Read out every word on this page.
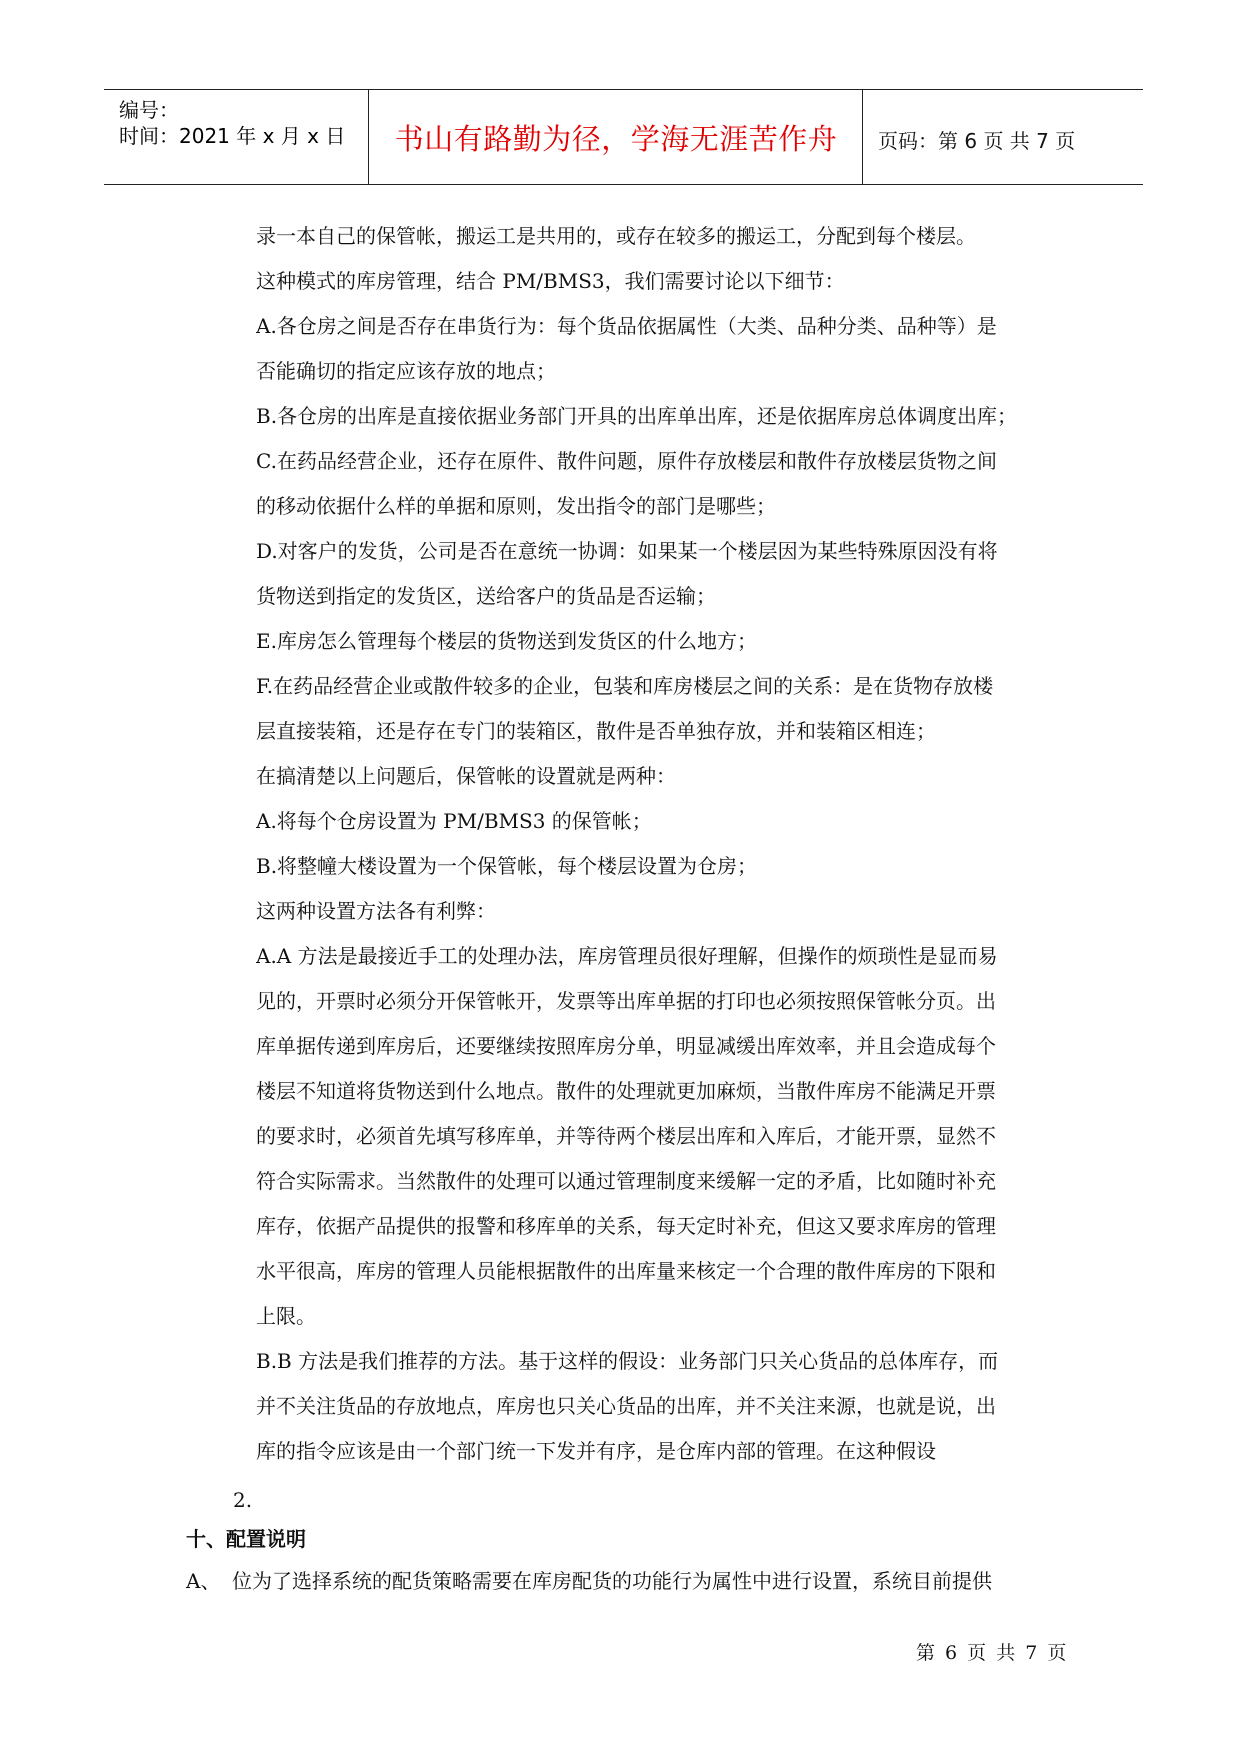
编号：
时间：2021 年 x 月 x 日	书山有路勤为径，学海无涯苦作舟	页码：第 6 页 共 7 页
录一本自己的保管帐，搬运工是共用的，或存在较多的搬运工，分配到每个楼层。
这种模式的库房管理，结合 PM/BMS3，我们需要讨论以下细节：
A.各仓房之间是否存在串货行为：每个货品依据属性（大类、品种分类、品种等）是
否能确切的指定应该存放的地点；
B.各仓房的出库是直接依据业务部门开具的出库单出库，还是依据库房总体调度出库；
C.在药品经营企业，还存在原件、散件问题，原件存放楼层和散件存放楼层货物之间
的移动依据什么样的单据和原则，发出指令的部门是哪些；
D.对客户的发货，公司是否在意统一协调：如果某一个楼层因为某些特殊原因没有将
货物送到指定的发货区，送给客户的货品是否运输；
E.库房怎么管理每个楼层的货物送到发货区的什么地方；
F.在药品经营企业或散件较多的企业，包装和库房楼层之间的关系：是在货物存放楼
层直接装箱，还是存在专门的装箱区，散件是否单独存放，并和装箱区相连；
在搞清楚以上问题后，保管帐的设置就是两种：
A.将每个仓房设置为 PM/BMS3 的保管帐；
B.将整幢大楼设置为一个保管帐，每个楼层设置为仓房；
这两种设置方法各有利弊：
A.A 方法是最接近手工的处理办法，库房管理员很好理解，但操作的烦琐性是显而易
见的，开票时必须分开保管帐开，发票等出库单据的打印也必须按照保管帐分页。出
库单据传递到库房后，还要继续按照库房分单，明显减缓出库效率，并且会造成每个
楼层不知道将货物送到什么地点。散件的处理就更加麻烦，当散件库房不能满足开票
的要求时，必须首先填写移库单，并等待两个楼层出库和入库后，才能开票，显然不
符合实际需求。当然散件的处理可以通过管理制度来缓解一定的矛盾，比如随时补充
库存，依据产品提供的报警和移库单的关系，每天定时补充，但这又要求库房的管理
水平很高，库房的管理人员能根据散件的出库量来核定一个合理的散件库房的下限和
上限。
B.B 方法是我们推荐的方法。基于这样的假设：业务部门只关心货品的总体库存，而
并不关注货品的存放地点，库房也只关心货品的出库，并不关注来源，也就是说，出
库的指令应该是由一个部门统一下发并有序，是仓库内部的管理。在这种假设
2.
十、配置说明
A、 位为了选择系统的配货策略需要在库房配货的功能行为属性中进行设置，系统目前提供
第 6 页 共 7 页
